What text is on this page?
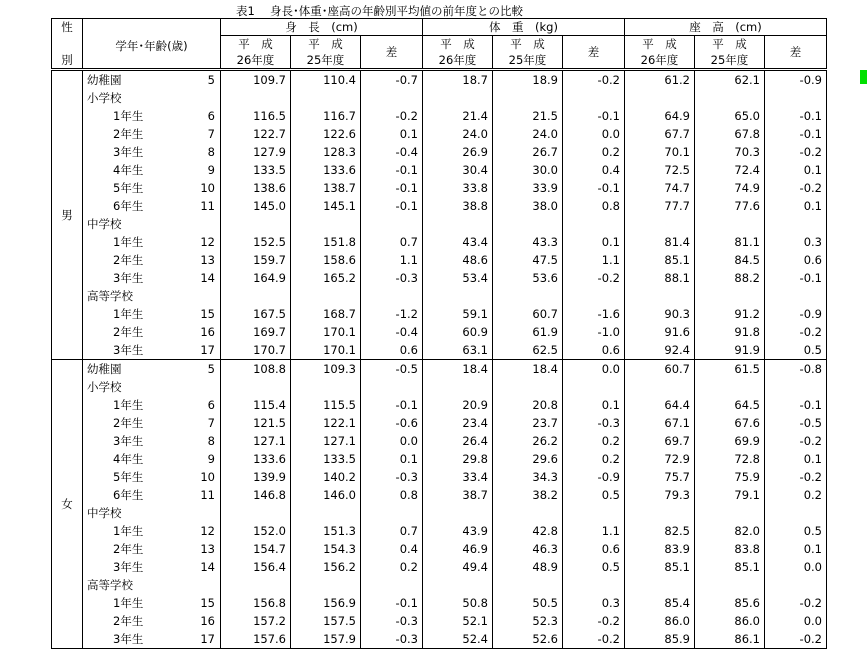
表1 身長･体重･座高の年齢別平均値の前年度との比較
性			身　長　(cm)			体　重　(kg)			座　高　(cm)		
	学年･年齢(歳)		平　成	平　成	差	平　成	平　成	差	平　成	平　成	差
別			26年度	25年度		26年度	25年度		26年度	25年度	
男	幼稚園	5	109.7	110.4	-0.7	18.7	18.9	-0.2	61.2	62.1	-0.9
	小学校										
	1年生	6	116.5	116.7	-0.2	21.4	21.5	-0.1	64.9	65.0	-0.1
	2年生	7	122.7	122.6	0.1	24.0	24.0	0.0	67.7	67.8	-0.1
	3年生	8	127.9	128.3	-0.4	26.9	26.7	0.2	70.1	70.3	-0.2
	4年生	9	133.5	133.6	-0.1	30.4	30.0	0.4	72.5	72.4	0.1
	5年生	10	138.6	138.7	-0.1	33.8	33.9	-0.1	74.7	74.9	-0.2
	6年生	11	145.0	145.1	-0.1	38.8	38.0	0.8	77.7	77.6	0.1
	中学校										
	1年生	12	152.5	151.8	0.7	43.4	43.3	0.1	81.4	81.1	0.3
	2年生	13	159.7	158.6	1.1	48.6	47.5	1.1	85.1	84.5	0.6
	3年生	14	164.9	165.2	-0.3	53.4	53.6	-0.2	88.1	88.2	-0.1
	高等学校										
	1年生	15	167.5	168.7	-1.2	59.1	60.7	-1.6	90.3	91.2	-0.9
	2年生	16	169.7	170.1	-0.4	60.9	61.9	-1.0	91.6	91.8	-0.2
	3年生	17	170.7	170.1	0.6	63.1	62.5	0.6	92.4	91.9	0.5
女	幼稚園	5	108.8	109.3	-0.5	18.4	18.4	0.0	60.7	61.5	-0.8
	小学校										
	1年生	6	115.4	115.5	-0.1	20.9	20.8	0.1	64.4	64.5	-0.1
	2年生	7	121.5	122.1	-0.6	23.4	23.7	-0.3	67.1	67.6	-0.5
	3年生	8	127.1	127.1	0.0	26.4	26.2	0.2	69.7	69.9	-0.2
	4年生	9	133.6	133.5	0.1	29.8	29.6	0.2	72.9	72.8	0.1
	5年生	10	139.9	140.2	-0.3	33.4	34.3	-0.9	75.7	75.9	-0.2
	6年生	11	146.8	146.0	0.8	38.7	38.2	0.5	79.3	79.1	0.2
	中学校										
	1年生	12	152.0	151.3	0.7	43.9	42.8	1.1	82.5	82.0	0.5
	2年生	13	154.7	154.3	0.4	46.9	46.3	0.6	83.9	83.8	0.1
	3年生	14	156.4	156.2	0.2	49.4	48.9	0.5	85.1	85.1	0.0
	高等学校										
	1年生	15	156.8	156.9	-0.1	50.8	50.5	0.3	85.4	85.6	-0.2
	2年生	16	157.2	157.5	-0.3	52.1	52.3	-0.2	86.0	86.0	0.0
	3年生	17	157.6	157.9	-0.3	52.4	52.6	-0.2	85.9	86.1	-0.2
